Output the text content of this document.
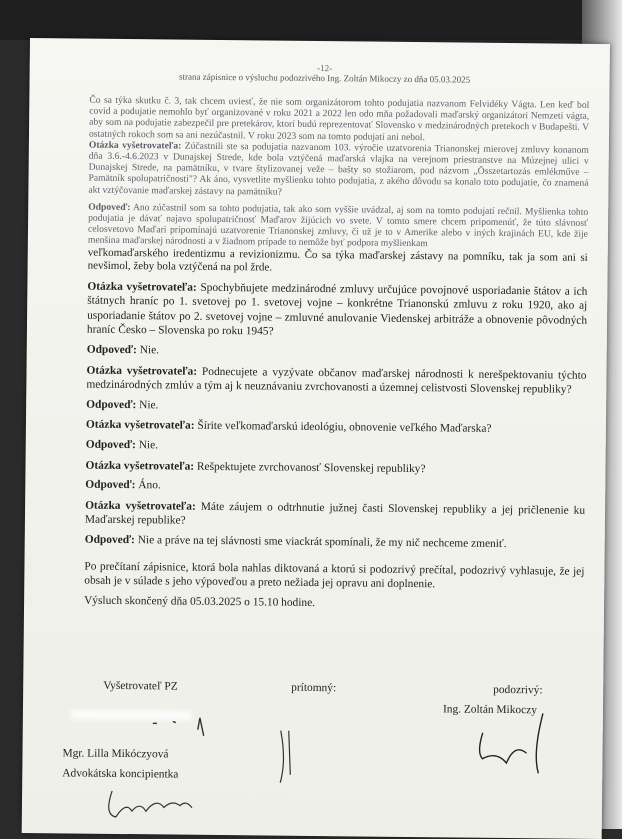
-12-
strana zápisnice o výsluchu podozrivého Ing. Zoltán Mikoczy zo dňa 05.03.2025

Čo sa týka skutku č. 3, tak chcem uviesť, že nie som organizátorom tohto podujatia nazvanom Felvidéky Vágta. Len keď bol covid a podujatie nemohlo byť organizované v roku 2021 a 2022 len odo mňa požadovali maďarský organizátori Nemzeti vágta, aby som na podujatie zabezpečil pre pretekárov, ktorí budú reprezentovať Slovensko v medzinárodných pretekoch v Budapešti. V ostatných rokoch som sa ani nezúčastnil. V roku 2023 som na tomto podujatí ani nebol.

Otázka vyšetrovateľa: Zúčastnili ste sa podujatia nazvanom 103. výročie uzatvorenia Trianonskej mierovej zmluvy konanom dňa 3.6.-4.6.2023 v Dunajskej Strede, kde bola vztýčená maďarská vlajka na verejnom priestranstve na Múzejnej ulici v Dunajskej Strede, na pamätníku, v tvare štylizovanej veže – bašty so stožiarom, pod názvom „Összetartozás emlékműve – Pamätník spolupatričnosti"? Ak áno, vysvetlite myšlienku tohto podujatia, z akého dôvodu sa konalo toto podujatie, čo znamená akt vztýčovanie maďarskej zástavy na pamätníku?

Odpoveď: Ano zúčastnil som sa tohto podujatia, tak ako som vyššie uvádzal, aj som na tomto podujatí rečnil. Myšlienka tohto podujatia je dávať najavo spolupatričnosť Maďarov žijúcich vo svete. V tomto smere chcem pripomenúť, že túto slávnosť celosvetovo Maďari pripomínajú uzatvorenie Trianonskej zmluvy, či už je to v Amerike alebo v iných krajinách EU, kde žije menšina maďarskej národnosti a v žiadnom prípade to nemôže byť podpora myšlienkam

veľkomaďarského iredentizmu a revizionizmu. Čo sa týka maďarskej zástavy na pomníku, tak ja som ani si nevšimol, žeby bola vztýčená na pol žrde.

Otázka vyšetrovateľa: Spochybňujete medzinárodné zmluvy určujúce povojnové usporiadanie štátov a ich štátnych hraníc po 1. svetovej po 1. svetovej vojne – konkrétne Trianonskú zmluvu z roku 1920, ako aj usporiadanie štátov po 2. svetovej vojne – zmluvné anulovanie Viedenskej arbitráže a obnovenie pôvodných hraníc Česko – Slovenska po roku 1945?

Odpoveď: Nie.

Otázka vyšetrovateľa: Podnecujete a vyzývate občanov maďarskej národnosti k nerešpektovaniu týchto medzinárodných zmlúv a tým aj k neuznávaniu zvrchovanosti a územnej celistvosti Slovenskej republiky?

Odpoveď: Nie.

Otázka vyšetrovateľa: Šírite veľkomaďarskú ideológiu, obnovenie veľkého Maďarska?

Odpoveď: Nie.

Otázka vyšetrovateľa: Rešpektujete zvrchovanosť Slovenskej republiky?

Odpoveď: Áno.

Otázka vyšetrovateľa: Máte záujem o odtrhnutie južnej časti Slovenskej republiky a jej pričlenenie ku Maďarskej republike?

Odpoveď: Nie a práve na tej slávnosti sme viackrát spomínali, že my nič nechceme zmeniť.

Po prečítaní zápisnice, ktorá bola nahlas diktovaná a ktorú si podozrivý prečítal, podozrivý vyhlasuje, že jej obsah je v súlade s jeho výpoveďou a preto nežiada jej opravu ani doplnenie.

Výsluch skončený dňa 05.03.2025 o 15.10 hodine.

Vyšetrovateľ PZ	prítomný:	podozrivý:
Ing. Zoltán Mikoczy
Mgr. Lilla Mikóczyová
Advokátska koncipientka
